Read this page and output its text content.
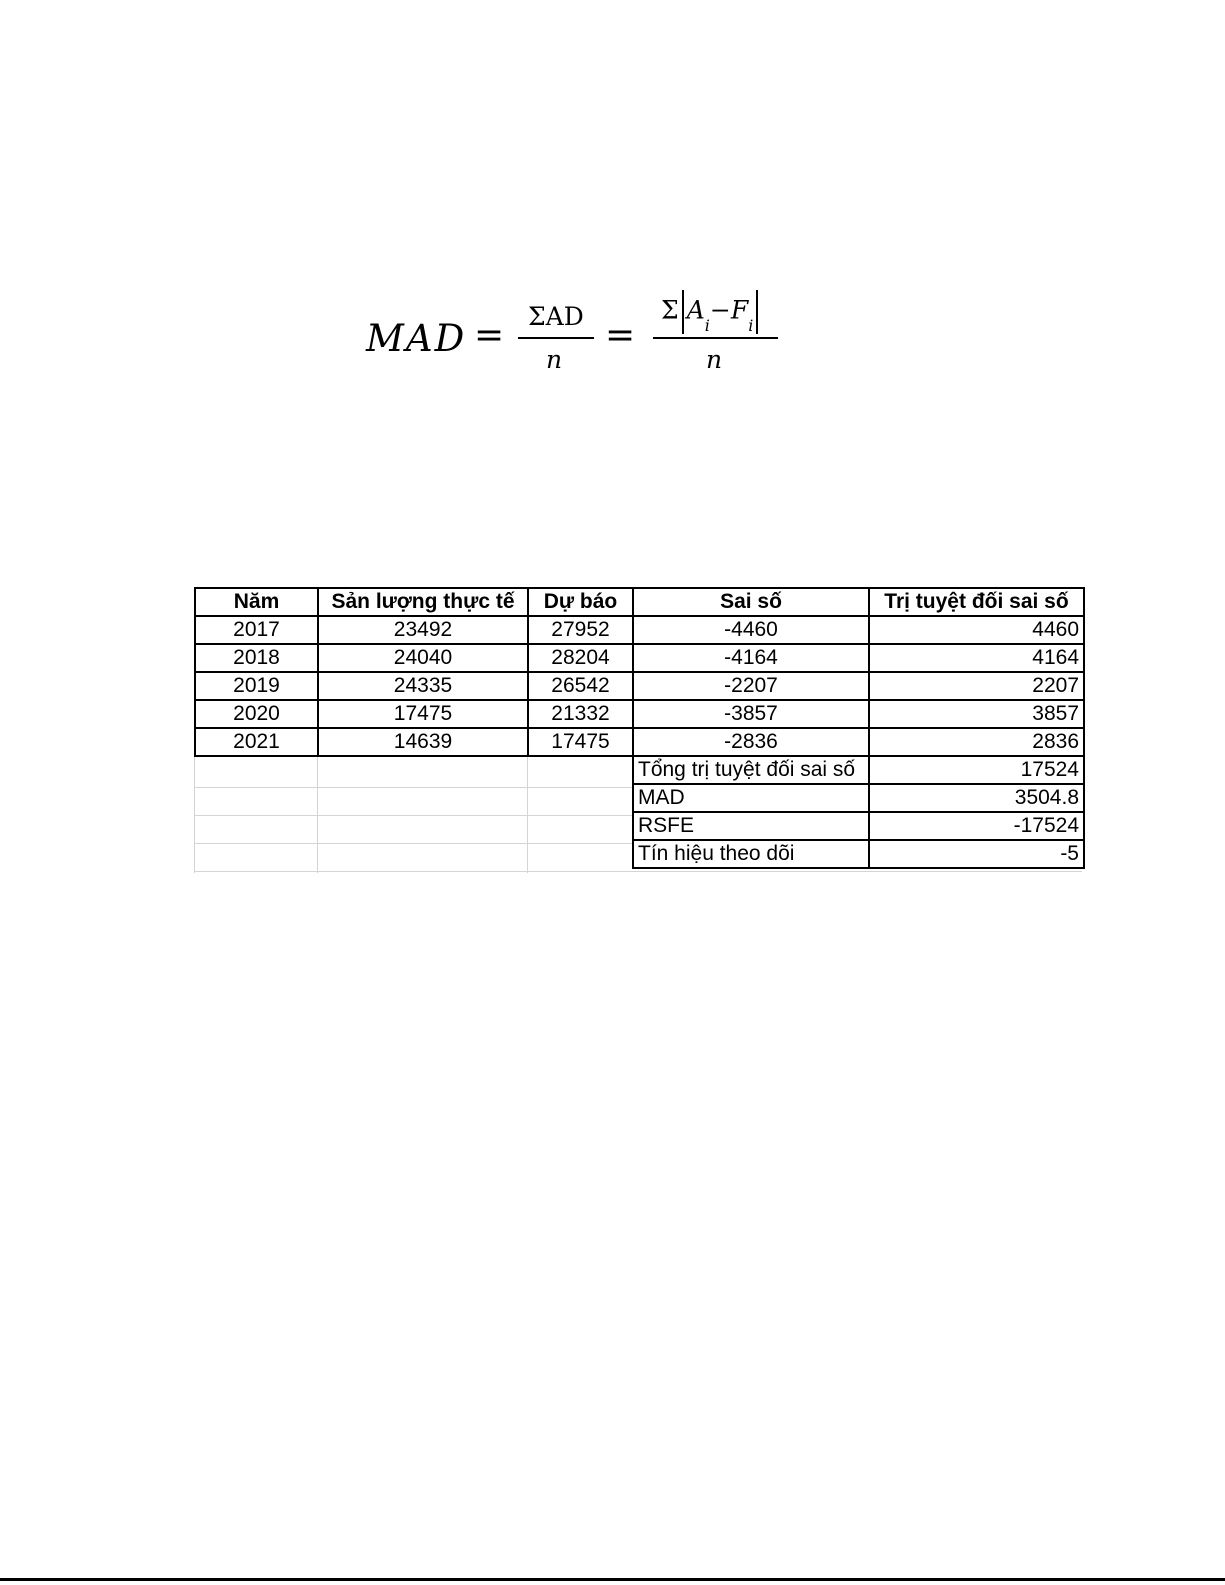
MAD = ΣAD
n
=
Σ $A_i-F_i$
n
Năm	Sản lượng thực tế	Dự báo	Sai số	Trị tuyệt đối sai số
2017	23492	27952	-4460	4460
2018	24040	28204	-4164	4164
2019	24335	26542	-2207	2207
2020	17475	21332	-3857	3857
2021	14639	17475	-2836	2836
			Tổng trị tuyệt đối sai số	17524
			MAD	3504.8
			RSFE	-17524
			Tín hiệu theo dõi	-5
